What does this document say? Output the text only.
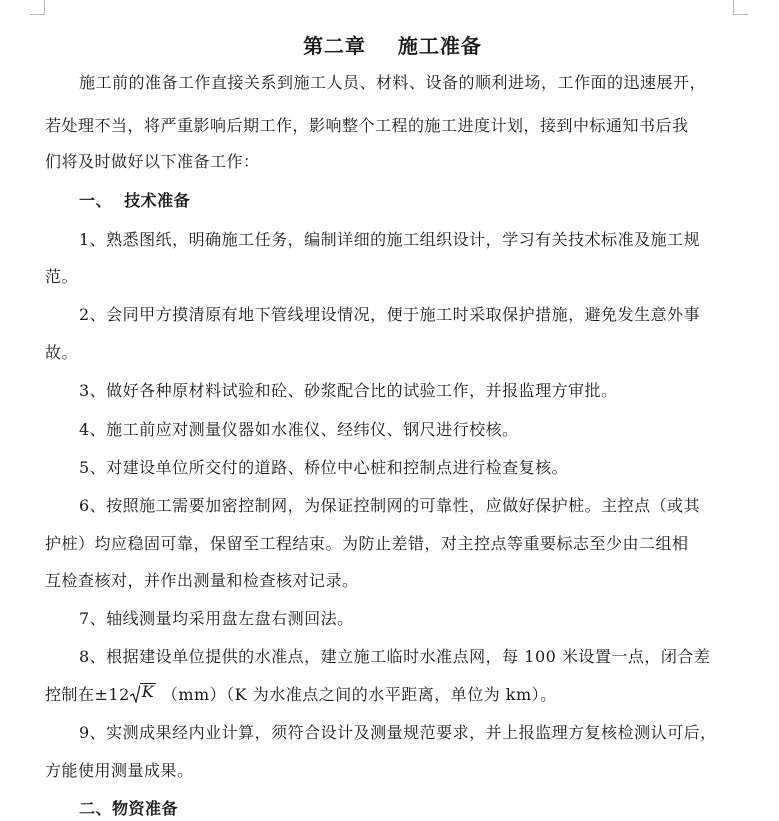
第二章    施工准备
施工前的准备工作直接关系到施工人员、材料、设备的顺利进场，工作面的迅速展开，
若处理不当，将严重影响后期工作，影响整个工程的施工进度计划，接到中标通知书后我
们将及时做好以下准备工作：
一、  技术准备
1、熟悉图纸，明确施工任务，编制详细的施工组织设计，学习有关技术标准及施工规
范。
2、会同甲方摸清原有地下管线埋设情况，便于施工时采取保护措施，避免发生意外事
故。
3、做好各种原材料试验和砼、砂浆配合比的试验工作，并报监理方审批。
4、施工前应对测量仪器如水准仪、经纬仪、钢尺进行校核。
5、对建设单位所交付的道路、桥位中心桩和控制点进行检查复核。
6、按照施工需要加密控制网，为保证控制网的可靠性，应做好保护桩。主控点（或其
护桩）均应稳固可靠，保留至工程结束。为防止差错，对主控点等重要标志至少由二组相
互检查核对，并作出测量和检查核对记录。
7、轴线测量均采用盘左盘右测回法。
8、根据建设单位提供的水准点，建立施工临时水准点网，每 100 米设置一点，闭合差
控制在±12 K （mm）（K 为水准点之间的水平距离，单位为 km）。
9、实测成果经内业计算，须符合设计及测量规范要求，并上报监理方复核检测认可后，
方能使用测量成果。
二、物资准备
